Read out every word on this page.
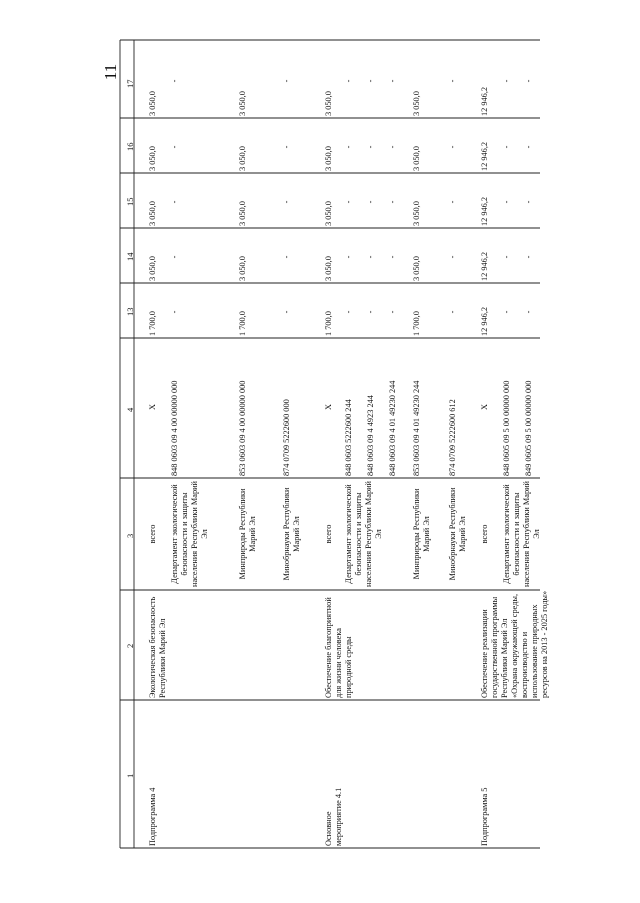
11
1
2
3
4
13
14
15
16
17
Подпрограмма 4
Экологическая безопасность Республики Марий Эл
всего
Х
1 700,0
3 050,0
3 050,0
3 050,0
3 050,0
Департамент экологической безопасности и защиты населения Республики Марий Эл
848 0603 09 4 00 00000 000
-
-
-
-
-
Минприроды Республики Марий Эл
853 0603 09 4 00 00000 000
1 700,0
3 050,0
3 050,0
3 050,0
3 050,0
Минобрнауки Республики Марий Эл
874 0709 5222600 000
-
-
-
-
-
Основное мероприятие 4.1
Обеспечение благоприятной для жизни человека природной среды
всего
Х
1 700,0
3 050,0
3 050,0
3 050,0
3 050,0
Департамент экологической безопасности и защиты населения Республики Марий Эл
848 0603 5222600 244
-
-
-
-
-
848 0603 09 4 4923 244
-
-
-
-
-
848 0603 09 4 01 49230 244
-
-
-
-
-
Минприроды Республики Марий Эл
853 0603 09 4 01 49230 244
1 700,0
3 050,0
3 050,0
3 050,0
3 050,0
Минобрнауки Республики Марий Эл
874 0709 5222600 612
-
-
-
-
-
Подпрограмма 5
Обеспечение реализации государственной программы Республики Марий Эл «Охрана окружающей среды, воспроизводство и использование природных ресурсов на 2013 - 2025 годы»
всего
Х
12 946,2
12 946,2
12 946,2
12 946,2
12 946,2
Департамент экологической безопасности и защиты населения Республики Марий Эл
848 0605 09 5 00 00000 000
-
-
-
-
-
849 0605 09 5 00 00000 000
-
-
-
-
-
